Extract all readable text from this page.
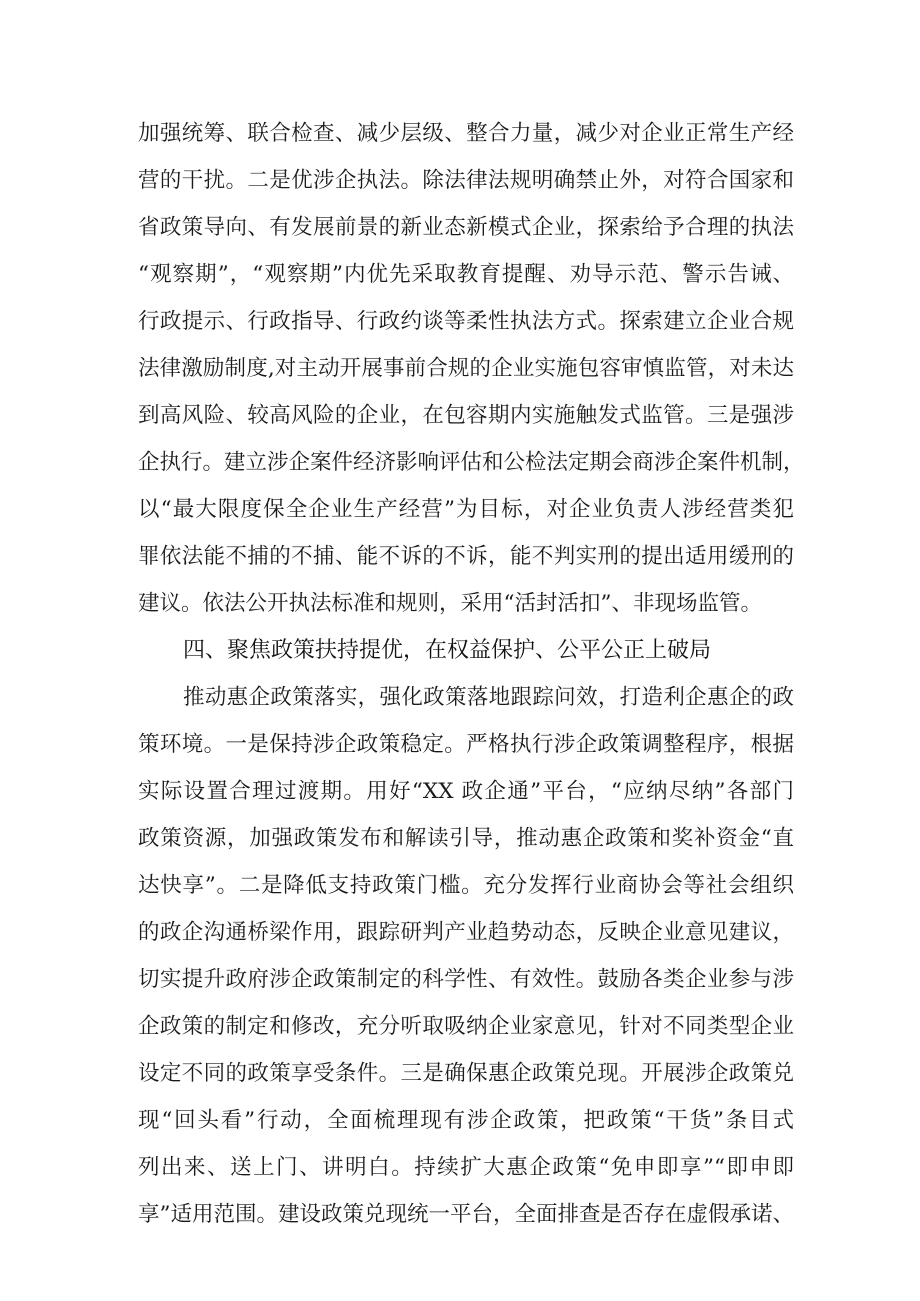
加强统筹、联合检查、减少层级、整合力量，减少对企业正常生产经
营的干扰。二是优涉企执法。除法律法规明确禁止外，对符合国家和
省政策导向、有发展前景的新业态新模式企业，探索给予合理的执法
“观察期”，“观察期”内优先采取教育提醒、劝导示范、警示告诫、
行政提示、行政指导、行政约谈等柔性执法方式。探索建立企业合规
法律激励制度,对主动开展事前合规的企业实施包容审慎监管，对未达
到高风险、较高风险的企业，在包容期内实施触发式监管。三是强涉
企执行。建立涉企案件经济影响评估和公检法定期会商涉企案件机制，
以“最大限度保全企业生产经营”为目标，对企业负责人涉经营类犯
罪依法能不捕的不捕、能不诉的不诉，能不判实刑的提出适用缓刑的
建议。依法公开执法标准和规则，采用“活封活扣”、非现场监管。
四、聚焦政策扶持提优，在权益保护、公平公正上破局
推动惠企政策落实，强化政策落地跟踪问效，打造利企惠企的政
策环境。一是保持涉企政策稳定。严格执行涉企政策调整程序，根据
实际设置合理过渡期。用好“XX 政企通”平台，“应纳尽纳”各部门
政策资源，加强政策发布和解读引导，推动惠企政策和奖补资金“直
达快享”。二是降低支持政策门槛。充分发挥行业商协会等社会组织
的政企沟通桥梁作用，跟踪研判产业趋势动态，反映企业意见建议，
切实提升政府涉企政策制定的科学性、有效性。鼓励各类企业参与涉
企政策的制定和修改，充分听取吸纳企业家意见，针对不同类型企业
设定不同的政策享受条件。三是确保惠企政策兑现。开展涉企政策兑
现“回头看”行动，全面梳理现有涉企政策，把政策“干货”条目式
列出来、送上门、讲明白。持续扩大惠企政策“免申即享”“即申即
享”适用范围。建设政策兑现统一平台，全面排查是否存在虚假承诺、
